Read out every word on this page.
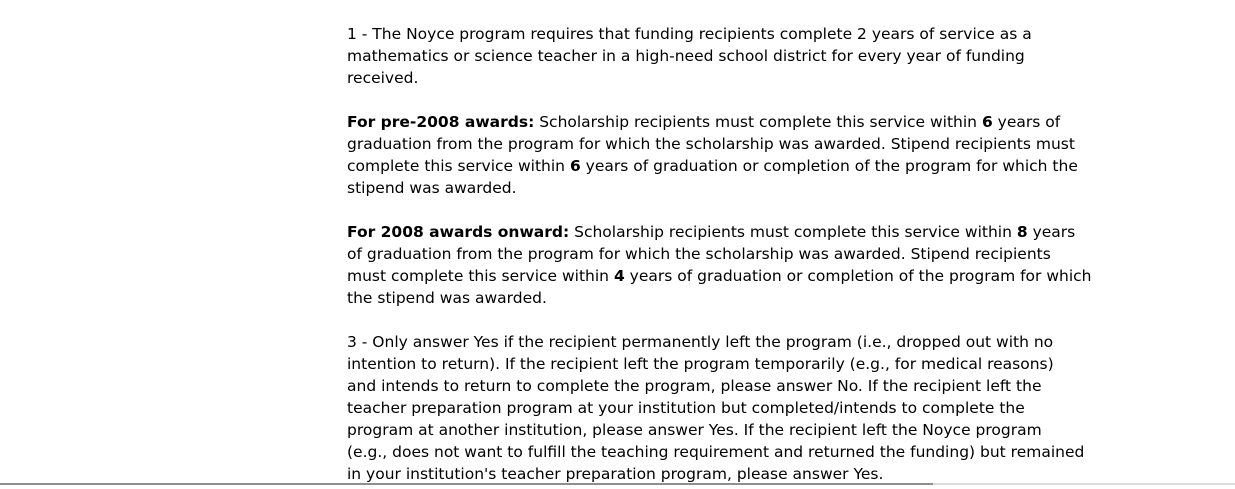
1 - The Noyce program requires that funding recipients complete 2 years of service as a
mathematics or science teacher in a high-need school district for every year of funding
received.
For pre-2008 awards: Scholarship recipients must complete this service within 6 years of
graduation from the program for which the scholarship was awarded. Stipend recipients must
complete this service within 6 years of graduation or completion of the program for which the
stipend was awarded.
For 2008 awards onward: Scholarship recipients must complete this service within 8 years
of graduation from the program for which the scholarship was awarded. Stipend recipients
must complete this service within 4 years of graduation or completion of the program for which
the stipend was awarded.
3 - Only answer Yes if the recipient permanently left the program (i.e., dropped out with no
intention to return). If the recipient left the program temporarily (e.g., for medical reasons)
and intends to return to complete the program, please answer No. If the recipient left the
teacher preparation program at your institution but completed/intends to complete the
program at another institution, please answer Yes. If the recipient left the Noyce program
(e.g., does not want to fulfill the teaching requirement and returned the funding) but remained
in your institution's teacher preparation program, please answer Yes.
